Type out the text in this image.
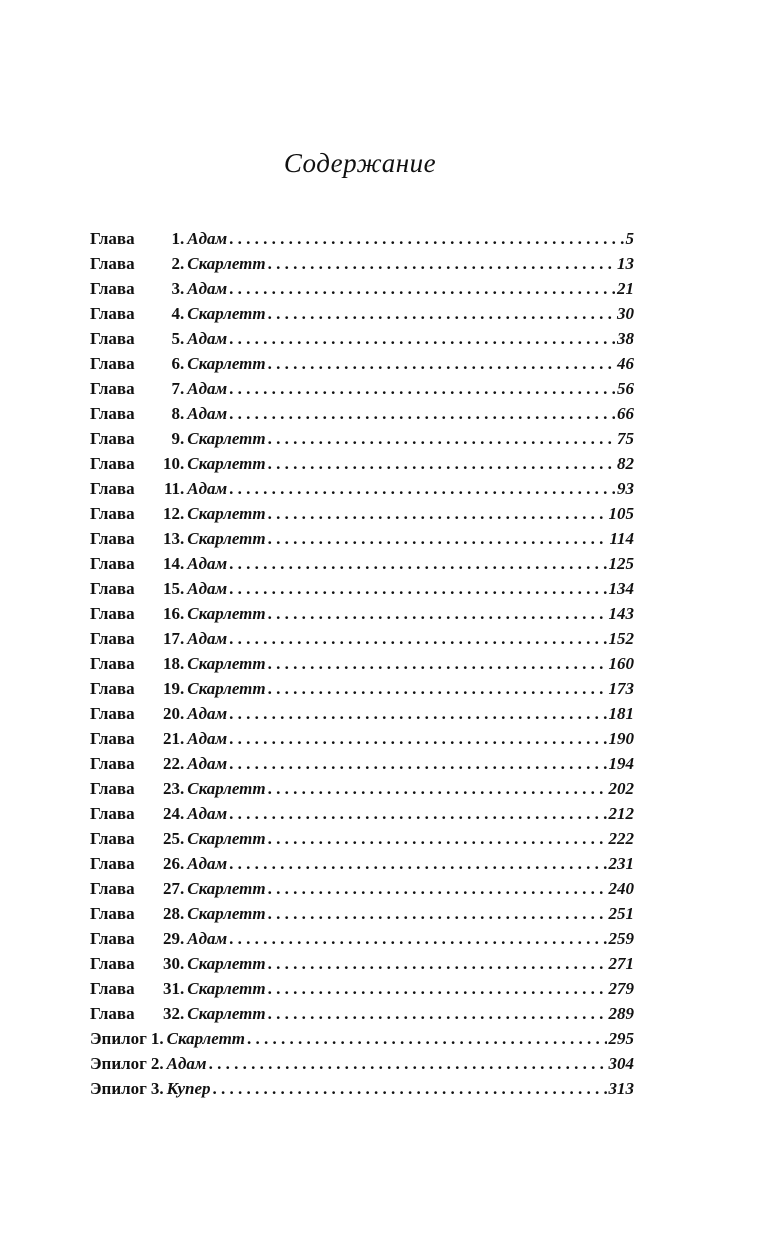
Содержание
Глава	1 . Адам . . .	5
Глава	2 . Скарлетт . . .	13
Глава	3 . Адам . . .	21
Глава	4 . Скарлетт . . .	30
Глава	5 . Адам . . .	38
Глава	6 . Скарлетт . . .	46
Глава	7 . Адам . . .	56
Глава	8 . Адам . . .	66
Глава	9 . Скарлетт . . .	75
Глава	10 . Скарлетт . . .	82
Глава	11 . Адам . . .	93
Глава	12 . Скарлетт . . .	105
Глава	13 . Скарлетт . . .	114
Глава	14 . Адам . . .	125
Глава	15 . Адам . . .	134
Глава	16 . Скарлетт . . .	143
Глава	17 . Адам . . .	152
Глава	18 . Скарлетт . . .	160
Глава	19 . Скарлетт . . .	173
Глава	20 . Адам . . .	181
Глава	21 . Адам . . .	190
Глава	22 . Адам . . .	194
Глава	23 . Скарлетт . . .	202
Глава	24 . Адам . . .	212
Глава	25 . Скарлетт . . .	222
Глава	26 . Адам . . .	231
Глава	27 . Скарлетт . . .	240
Глава	28 . Скарлетт . . .	251
Глава	29 . Адам . . .	259
Глава	30 . Скарлетт . . .	271
Глава	31 . Скарлетт . . .	279
Глава	32 . Скарлетт . . .	289
Эпилог 1 . Скарлетт . . .	295
Эпилог 2 . Адам . . .	304
Эпилог 3 . Купер . . .	313
